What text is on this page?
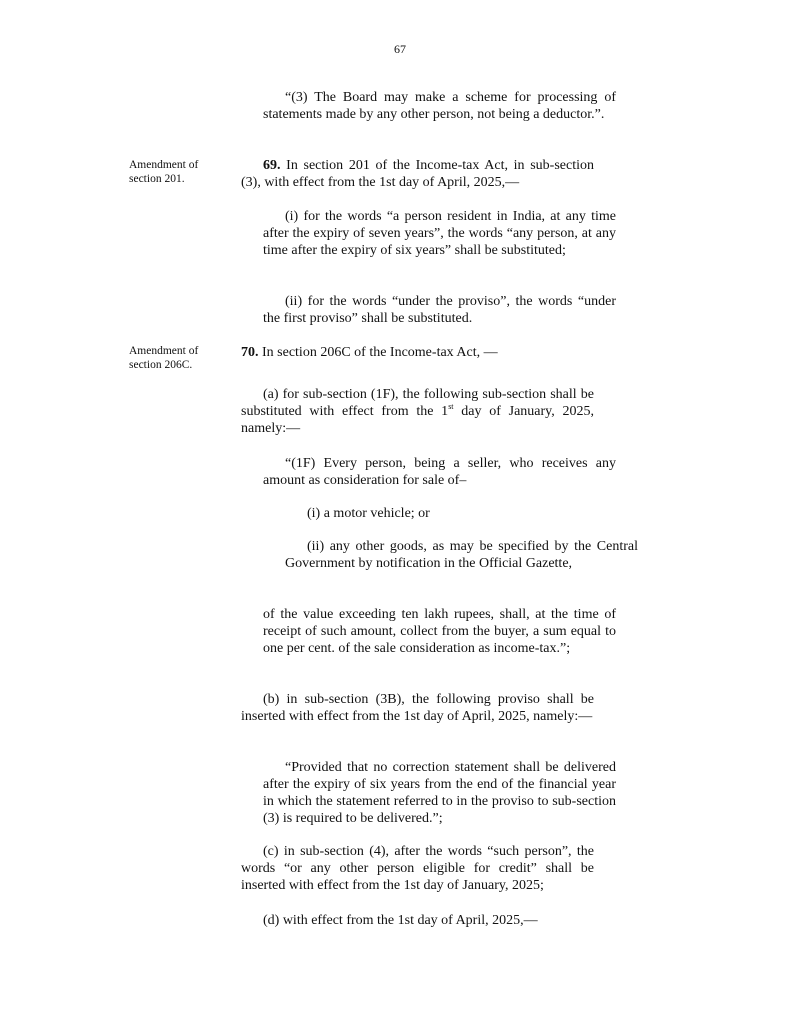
67

“(3) The Board may make a scheme for processing of statements made by any other person, not being a deductor.”.

Amendment of section 201.

69. In section 201 of the Income-tax Act, in sub-section (3), with effect from the 1st day of April, 2025,—

(i) for the words “a person resident in India, at any time after the expiry of seven years”, the words “any person, at any time after the expiry of six years” shall be substituted;

(ii) for the words “under the proviso”, the words “under the first proviso” shall be substituted.

Amendment of section 206C.

70. In section 206C of the Income-tax Act, —

(a) for sub-section (1F), the following sub-section shall be substituted with effect from the 1st day of January, 2025, namely:—

“(1F) Every person, being a seller, who receives any amount as consideration for sale of–

(i) a motor vehicle; or

(ii) any other goods, as may be specified by the Central Government by notification in the Official Gazette,

of the value exceeding ten lakh rupees, shall, at the time of receipt of such amount, collect from the buyer, a sum equal to one per cent. of the sale consideration as income-tax.”;

(b) in sub-section (3B), the following proviso shall be inserted with effect from the 1st day of April, 2025, namely:—

“Provided that no correction statement shall be delivered after the expiry of six years from the end of the financial year in which the statement referred to in the proviso to sub-section (3) is required to be delivered.”;

(c) in sub-section (4), after the words “such person”, the words “or any other person eligible for credit” shall be inserted with effect from the 1st day of January, 2025;

(d) with effect from the 1st day of April, 2025,—
